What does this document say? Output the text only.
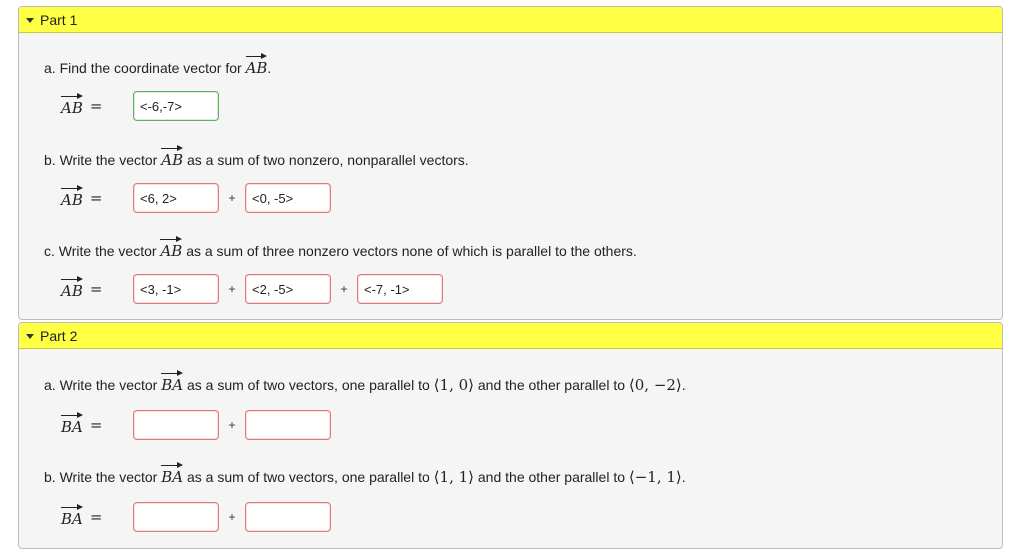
Part 1
a. Find the coordinate vector for
AB.
AB =
<-6,-7>
b. Write the vector
AB as a sum of two nonzero, nonparallel vectors.
AB =
<6, 2>	+
<0, -5>
c. Write the vector
AB as a sum of three nonzero vectors none of which is parallel to the others.
AB =
<3, -1>	+
<2, -5>	+
<-7, -1>
Part 2
a. Write the vector
BA as a sum of two vectors, one parallel to ⟨1, 0⟩ and the other parallel to ⟨0, −2⟩.
BA =	+
b. Write the vector
BA as a sum of two vectors, one parallel to ⟨1, 1⟩ and the other parallel to ⟨−1, 1⟩.
BA =	+
